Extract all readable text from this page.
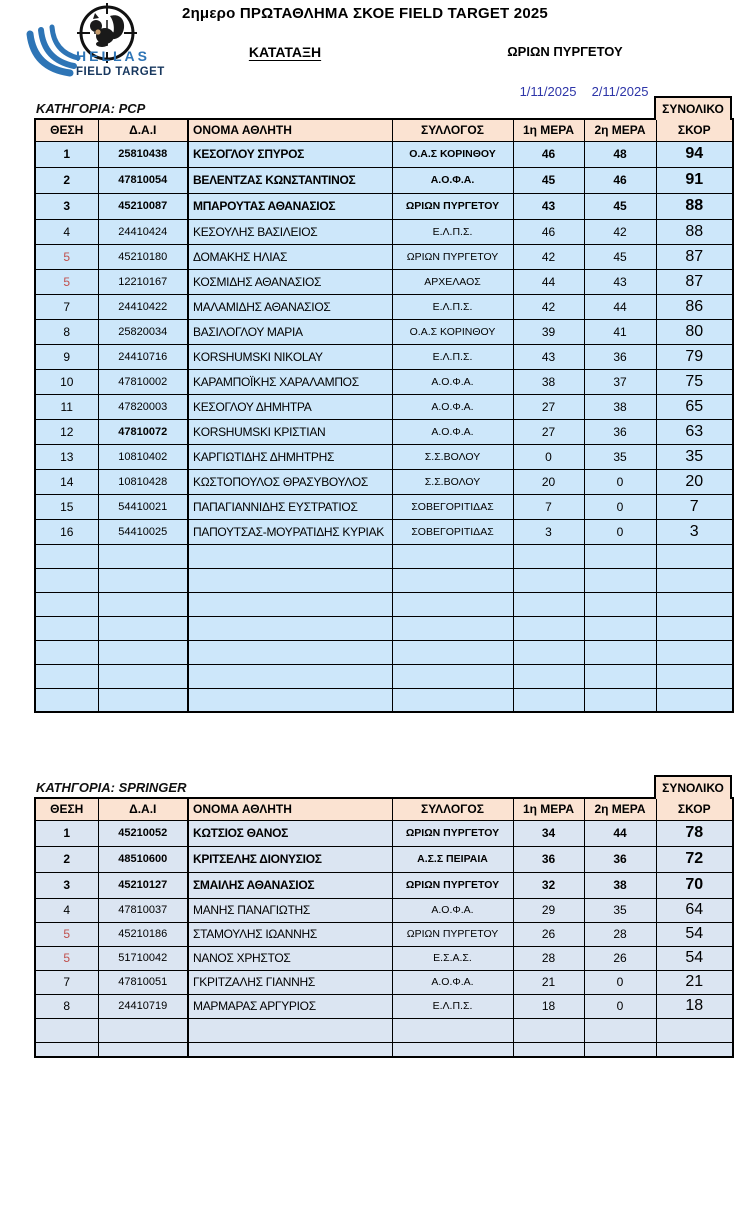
HELLAS
FIELD TARGET
2ημερο ΠΡΩΤΑΘΛΗΜΑ ΣΚΟΕ FIELD TARGET 2025
ΚΑΤΑΤΑΞΗ	ΩΡΙΩΝ ΠΥΡΓΕΤΟΥ
1/11/2025	2/11/2025
ΚΑΤΗΓΟΡΙΑ: PCP	ΣΥΝΟΛΙΚΟ
ΘΕΣΗ	Δ.Α.Ι	ΟΝΟΜΑ ΑΘΛΗΤΗ	ΣΥΛΛΟΓΟΣ	1η ΜΕΡΑ	2η ΜΕΡΑ	ΣΚΟΡ
1	25810438	ΚΕΣΟΓΛΟΥ ΣΠΥΡΟΣ	Ο.Α.Σ ΚΟΡΙΝΘΟΥ	46	48	94
2	47810054	ΒΕΛΕΝΤΖΑΣ ΚΩΝΣΤΑΝΤΙΝΟΣ	Α.Ο.Φ.Α.	45	46	91
3	45210087	ΜΠΑΡΟΥΤΑΣ ΑΘΑΝΑΣΙΟΣ	ΩΡΙΩΝ ΠΥΡΓΕΤΟΥ	43	45	88
4	24410424	ΚΕΣΟΥΛΗΣ ΒΑΣΙΛΕΙΟΣ	Ε.Λ.Π.Σ.	46	42	88
5	45210180	ΔΟΜΑΚΗΣ ΗΛΙΑΣ	ΩΡΙΩΝ ΠΥΡΓΕΤΟΥ	42	45	87
5	12210167	ΚΟΣΜΙΔΗΣ ΑΘΑΝΑΣΙΟΣ	ΑΡΧΕΛΑΟΣ	44	43	87
7	24410422	ΜΑΛΑΜΙΔΗΣ ΑΘΑΝΑΣΙΟΣ	Ε.Λ.Π.Σ.	42	44	86
8	25820034	ΒΑΣΙΛΟΓΛΟΥ ΜΑΡΙΑ	Ο.Α.Σ ΚΟΡΙΝΘΟΥ	39	41	80
9	24410716	KORSHUMSKI NIKOLAY	Ε.Λ.Π.Σ.	43	36	79
10	47810002	ΚΑΡΑΜΠΟΪΚΗΣ ΧΑΡΑΛΑΜΠΟΣ	Α.Ο.Φ.Α.	38	37	75
11	47820003	ΚΕΣΟΓΛΟΥ ΔΗΜΗΤΡΑ	Α.Ο.Φ.Α.	27	38	65
12	47810072	KORSHUMSKI ΚΡΙΣΤΙΑΝ	Α.Ο.Φ.Α.	27	36	63
13	10810402	ΚΑΡΓΙΩΤΙΔΗΣ ΔΗΜΗΤΡΗΣ	Σ.Σ.ΒΟΛΟΥ	0	35	35
14	10810428	ΚΩΣΤΟΠΟΥΛΟΣ ΘΡΑΣΥΒΟΥΛΟΣ	Σ.Σ.ΒΟΛΟΥ	20	0	20
15	54410021	ΠΑΠΑΓΙΑΝΝΙΔΗΣ ΕΥΣΤΡΑΤΙΟΣ	ΣΟΒΕΓΟΡΙΤΙΔΑΣ	7	0	7
16	54410025	ΠΑΠΟΥΤΣΑΣ-ΜΟΥΡΑΤΙΔΗΣ ΚΥΡΙΑΚ	ΣΟΒΕΓΟΡΙΤΙΔΑΣ	3	0	3

ΚΑΤΗΓΟΡΙΑ: SPRINGER	ΣΥΝΟΛΙΚΟ
ΘΕΣΗ	Δ.Α.Ι	ΟΝΟΜΑ ΑΘΛΗΤΗ	ΣΥΛΛΟΓΟΣ	1η ΜΕΡΑ	2η ΜΕΡΑ	ΣΚΟΡ
1	45210052	ΚΩΤΣΙΟΣ ΘΑΝΟΣ	ΩΡΙΩΝ ΠΥΡΓΕΤΟΥ	34	44	78
2	48510600	ΚΡΙΤΣΕΛΗΣ ΔΙΟΝΥΣΙΟΣ	Α.Σ.Σ ΠΕΙΡΑΙΑ	36	36	72
3	45210127	ΣΜΑΙΛΗΣ ΑΘΑΝΑΣΙΟΣ	ΩΡΙΩΝ ΠΥΡΓΕΤΟΥ	32	38	70
4	47810037	ΜΑΝΗΣ ΠΑΝΑΓΙΩΤΗΣ	Α.Ο.Φ.Α.	29	35	64
5	45210186	ΣΤΑΜΟΥΛΗΣ ΙΩΑΝΝΗΣ	ΩΡΙΩΝ ΠΥΡΓΕΤΟΥ	26	28	54
5	51710042	ΝΑΝΟΣ ΧΡΗΣΤΟΣ	Ε.Σ.Α.Σ.	28	26	54
7	47810051	ΓΚΡΙΤΖΑΛΗΣ ΓΙΑΝΝΗΣ	Α.Ο.Φ.Α.	21	0	21
8	24410719	ΜΑΡΜΑΡΑΣ ΑΡΓΥΡΙΟΣ	Ε.Λ.Π.Σ.	18	0	18
